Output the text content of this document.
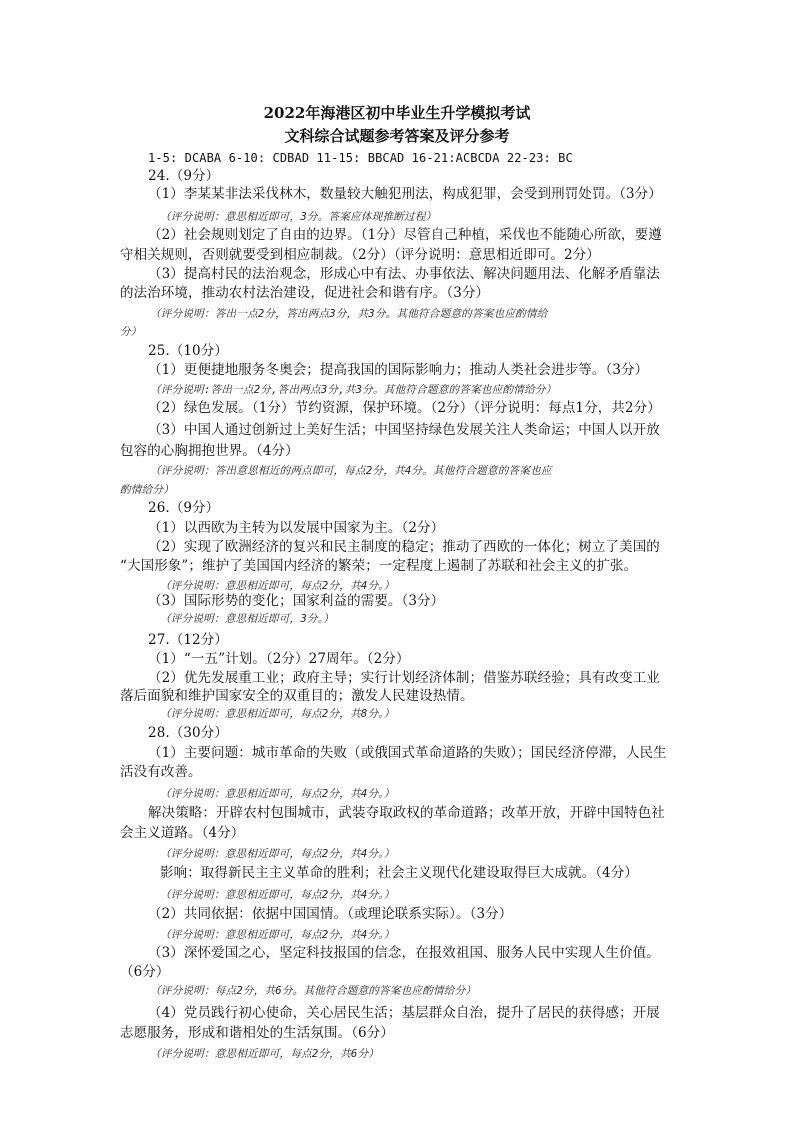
2022年海港区初中毕业生升学模拟考试
文科综合试题参考答案及评分参考
1-5: DCABA 6-10: CDBAD 11-15: BBCAD 16-21:ACBCDA 22-23: BC
24.（9分）
（1）李某某非法采伐林木，数量较大触犯刑法，构成犯罪，会受到刑罚处罚。（3分）
（评分说明：意思相近即可，3分。答案应体现推断过程）
（2）社会规则划定了自由的边界。（1分）尽管自己种植，采伐也不能随心所欲，要遵
守相关规则，否则就要受到相应制裁。（2分）（评分说明：意思相近即可。2分）
（3）提高村民的法治观念，形成心中有法、办事依法、解决问题用法、化解矛盾靠法
的法治环境，推动农村法治建设，促进社会和谐有序。（3分）
（评分说明：答出一点2分，答出两点3分，共3分。其他符合题意的答案也应酌情给
分）
25.（10分）
（1）更便捷地服务冬奥会；提高我国的国际影响力；推动人类社会进步等。（3分）
（评分说明:答出一点2分,答出两点3分,共3分。其他符合题意的答案也应酌情给分）
（2）绿色发展。（1分）节约资源，保护环境。（2分）（评分说明：每点1分，共2分）
（3）中国人通过创新过上美好生活；中国坚持绿色发展关注人类命运；中国人以开放
包容的心胸拥抱世界。（4分）
（评分说明：答出意思相近的两点即可，每点2分，共4分。其他符合题意的答案也应
酌情给分）
26.（9分）
（1）以西欧为主转为以发展中国家为主。（2分）
（2）实现了欧洲经济的复兴和民主制度的稳定；推动了西欧的一体化；树立了美国的
“大国形象”；维护了美国国内经济的繁荣；一定程度上遏制了苏联和社会主义的扩张。
（评分说明：意思相近即可，每点2分，共4分。）
（3）国际形势的变化；国家利益的需要。（3分）
（评分说明：意思相近即可，3分。）
27.（12分）
（1）“一五”计划。（2分）27周年。（2分）
（2）优先发展重工业；政府主导；实行计划经济体制；借鉴苏联经验；具有改变工业
落后面貌和维护国家安全的双重目的；激发人民建设热情。
（评分说明：意思相近即可，每点2分，共8分。）
28.（30分）
（1）主要问题：城市革命的失败（或俄国式革命道路的失败）；国民经济停滞，人民生
活没有改善。
（评分说明：意思相近即可，每点2分，共4分。）
解决策略：开辟农村包围城市，武装夺取政权的革命道路；改革开放，开辟中国特色社
会主义道路。（4分）
（评分说明：意思相近即可，每点2分，共4分。）
影响：取得新民主主义革命的胜利；社会主义现代化建设取得巨大成就。（4分）
（评分说明：意思相近即可，每点2分，共4分。）
（2）共同依据：依据中国国情。（或理论联系实际）。（3分）
（评分说明：意思相近即可，每点2分，共4分。）
（3）深怀爱国之心，坚定科技报国的信念，在报效祖国、服务人民中实现人生价值。
（6分）
（评分说明：每点2分，共6分。其他符合题意的答案也应酌情给分）
（4）党员践行初心使命，关心居民生活；基层群众自治，提升了居民的获得感；开展
志愿服务，形成和谐相处的生活氛围。（6分）
（评分说明：意思相近即可，每点2分，共6分）
